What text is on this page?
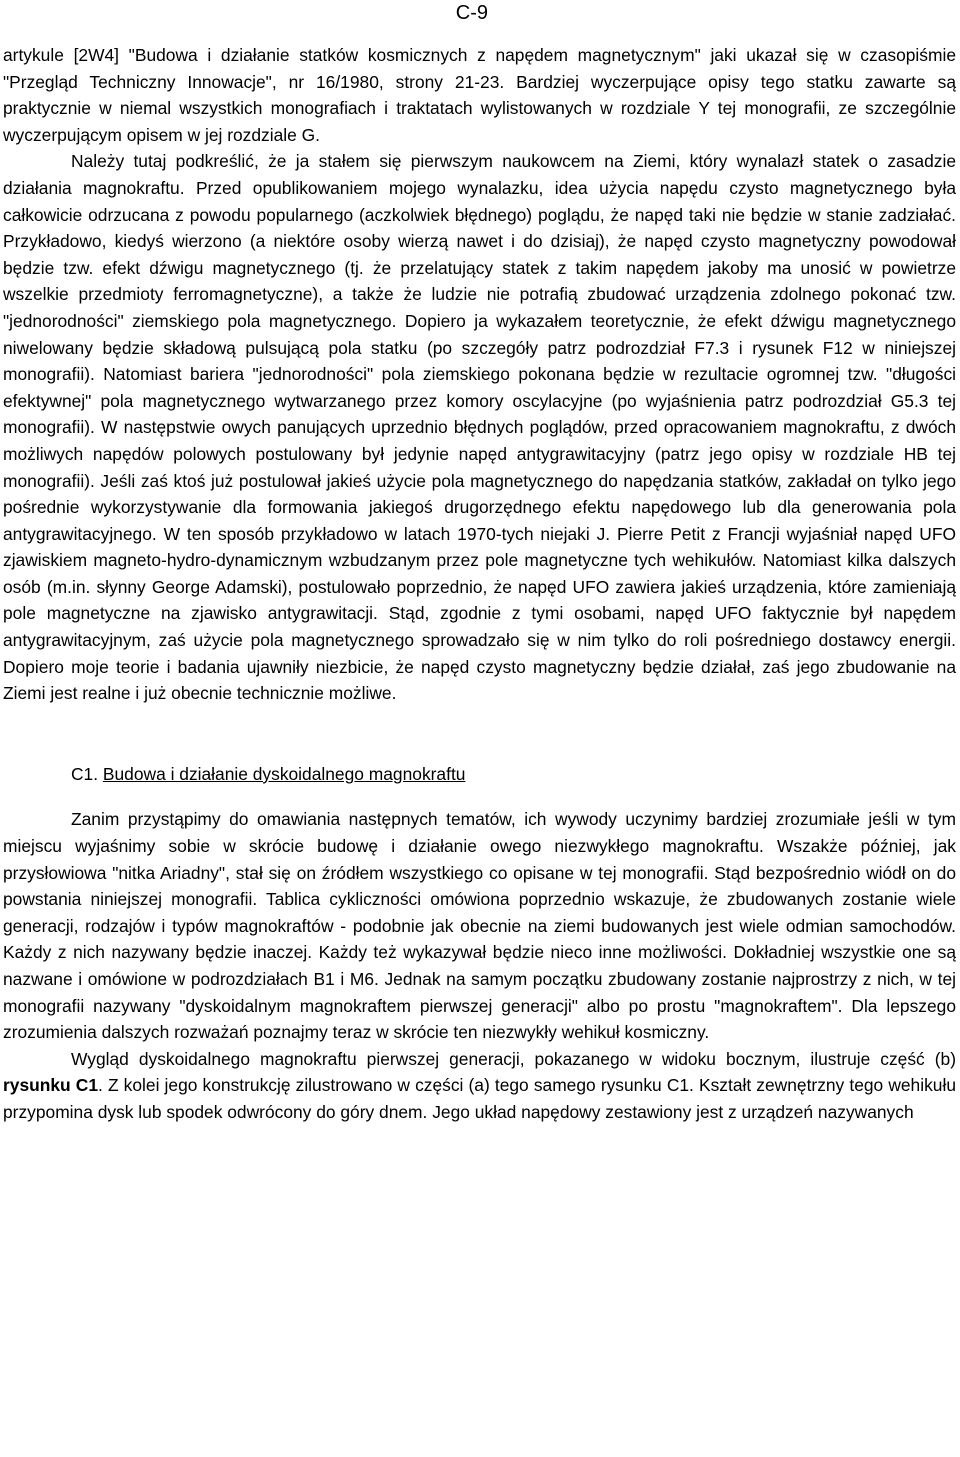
C-9

artykule [2W4] "Budowa i działanie statków kosmicznych z napędem magnetycznym" jaki ukazał się w czasopiśmie "Przegląd Techniczny Innowacje", nr 16/1980, strony 21-23. Bardziej wyczerpujące opisy tego statku zawarte są praktycznie w niemal wszystkich monografiach i traktatach wylistowanych w rozdziale Y tej monografii, ze szczególnie wyczerpującym opisem w jej rozdziale G.

Należy tutaj podkreślić, że ja stałem się pierwszym naukowcem na Ziemi, który wynalazł statek o zasadzie działania magnokraftu. Przed opublikowaniem mojego wynalazku, idea użycia napędu czysto magnetycznego była całkowicie odrzucana z powodu popularnego (aczkolwiek błędnego) poglądu, że napęd taki nie będzie w stanie zadziałać. Przykładowo, kiedyś wierzono (a niektóre osoby wierzą nawet i do dzisiaj), że napęd czysto magnetyczny powodował będzie tzw. efekt dźwigu magnetycznego (tj. że przelatujący statek z takim napędem jakoby ma unosić w powietrze wszelkie przedmioty ferromagnetyczne), a także że ludzie nie potrafią zbudować urządzenia zdolnego pokonać tzw. "jednorodności" ziemskiego pola magnetycznego. Dopiero ja wykazałem teoretycznie, że efekt dźwigu magnetycznego niwelowany będzie składową pulsującą pola statku (po szczegóły patrz podrozdział F7.3 i rysunek F12 w niniejszej monografii). Natomiast bariera "jednorodności" pola ziemskiego pokonana będzie w rezultacie ogromnej tzw. "długości efektywnej" pola magnetycznego wytwarzanego przez komory oscylacyjne (po wyjaśnienia patrz podrozdział G5.3 tej monografii). W następstwie owych panujących uprzednio błędnych poglądów, przed opracowaniem magnokraftu, z dwóch możliwych napędów polowych postulowany był jedynie napęd antygrawitacyjny (patrz jego opisy w rozdziale HB tej monografii). Jeśli zaś ktoś już postulował jakieś użycie pola magnetycznego do napędzania statków, zakładał on tylko jego pośrednie wykorzystywanie dla formowania jakiegoś drugorzędnego efektu napędowego lub dla generowania pola antygrawitacyjnego. W ten sposób przykładowo w latach 1970-tych niejaki J. Pierre Petit z Francji wyjaśniał napęd UFO zjawiskiem magneto-hydro-dynamicznym wzbudzanym przez pole magnetyczne tych wehikułów. Natomiast kilka dalszych osób (m.in. słynny George Adamski), postulowało poprzednio, że napęd UFO zawiera jakieś urządzenia, które zamieniają pole magnetyczne na zjawisko antygrawitacji. Stąd, zgodnie z tymi osobami, napęd UFO faktycznie był napędem antygrawitacyjnym, zaś użycie pola magnetycznego sprowadzało się w nim tylko do roli pośredniego dostawcy energii. Dopiero moje teorie i badania ujawniły niezbicie, że napęd czysto magnetyczny będzie działał, zaś jego zbudowanie na Ziemi jest realne i już obecnie technicznie możliwe.

C1. Budowa i działanie dyskoidalnego magnokraftu

Zanim przystąpimy do omawiania następnych tematów, ich wywody uczynimy bardziej zrozumiałe jeśli w tym miejscu wyjaśnimy sobie w skrócie budowę i działanie owego niezwykłego magnokraftu. Wszakże później, jak przysłowiowa "nitka Ariadny", stał się on źródłem wszystkiego co opisane w tej monografii. Stąd bezpośrednio wiódł on do powstania niniejszej monografii. Tablica cykliczności omówiona poprzednio wskazuje, że zbudowanych zostanie wiele generacji, rodzajów i typów magnokraftów - podobnie jak obecnie na ziemi budowanych jest wiele odmian samochodów. Każdy z nich nazywany będzie inaczej. Każdy też wykazywał będzie nieco inne możliwości. Dokładniej wszystkie one są nazwane i omówione w podrozdziałach B1 i M6. Jednak na samym początku zbudowany zostanie najprostrzy z nich, w tej monografii nazywany "dyskoidalnym magnokraftem pierwszej generacji" albo po prostu "magnokraftem". Dla lepszego zrozumienia dalszych rozważań poznajmy teraz w skrócie ten niezwykły wehikuł kosmiczny.

Wygląd dyskoidalnego magnokraftu pierwszej generacji, pokazanego w widoku bocznym, ilustruje część (b) rysunku C1. Z kolei jego konstrukcję zilustrowano w części (a) tego samego rysunku C1. Kształt zewnętrzny tego wehikułu przypomina dysk lub spodek odwrócony do góry dnem. Jego układ napędowy zestawiony jest z urządzeń nazywanych
